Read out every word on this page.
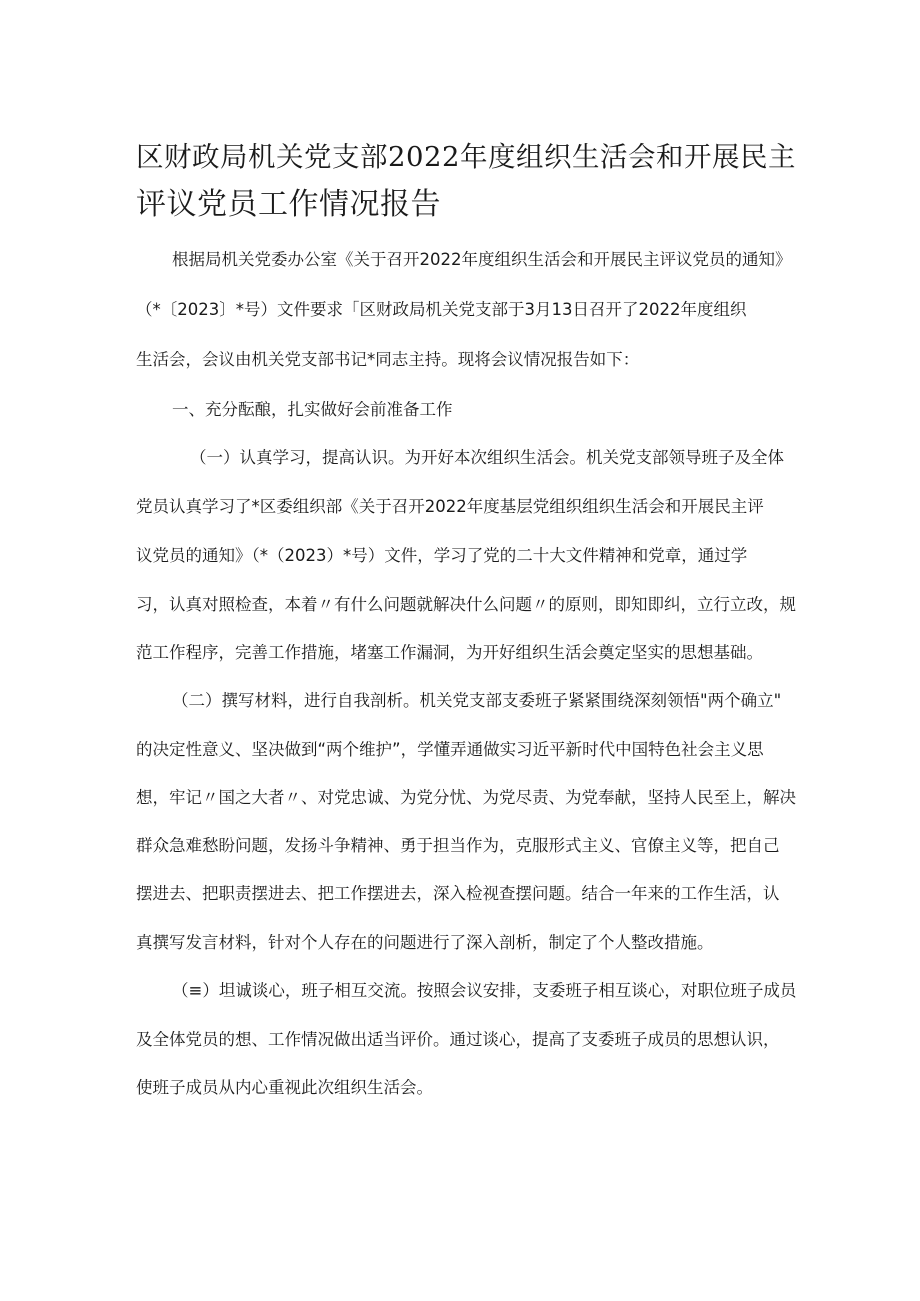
区财政局机关党支部2022年度组织生活会和开展民主
评议党员工作情况报告

根据局机关党委办公室《关于召开2022年度组织生活会和开展民主评议党员的通知》

（*〔2023〕*号）文件要求「区财政局机关党支部于3月13日召开了2022年度组织

生活会，会议由机关党支部书记*同志主持。现将会议情况报告如下：

一、充分酝酿，扎实做好会前准备工作

（一）认真学习，提高认识。为开好本次组织生活会。机关党支部领导班子及全体

党员认真学习了*区委组织部《关于召开2022年度基层党组织组织生活会和开展民主评

议党员的通知》（*（2023）*号）文件，学习了党的二十大文件精神和党章，通过学

习，认真对照检查，本着〃有什么问题就解决什么问题〃的原则，即知即纠，立行立改，规

范工作程序，完善工作措施，堵塞工作漏洞，为开好组织生活会奠定坚实的思想基础。

（二）撰写材料，进行自我剖析。机关党支部支委班子紧紧围绕深刻领悟"两个确立"

的决定性意义、坚决做到“两个维护”，学懂弄通做实习近平新时代中国特色社会主义思

想，牢记〃国之大者〃、对党忠诚、为党分忧、为党尽责、为党奉献，坚持人民至上，解决

群众急难愁盼问题，发扬斗争精神、勇于担当作为，克服形式主义、官僚主义等，把自己

摆进去、把职责摆进去、把工作摆进去，深入检视查摆问题。结合一年来的工作生活，认

真撰写发言材料，针对个人存在的问题进行了深入剖析，制定了个人整改措施。

（≡）坦诚谈心，班子相互交流。按照会议安排，支委班子相互谈心，对职位班子成员

及全体党员的想、工作情况做出适当评价。通过谈心，提高了支委班子成员的思想认识，

使班子成员从内心重视此次组织生活会。
